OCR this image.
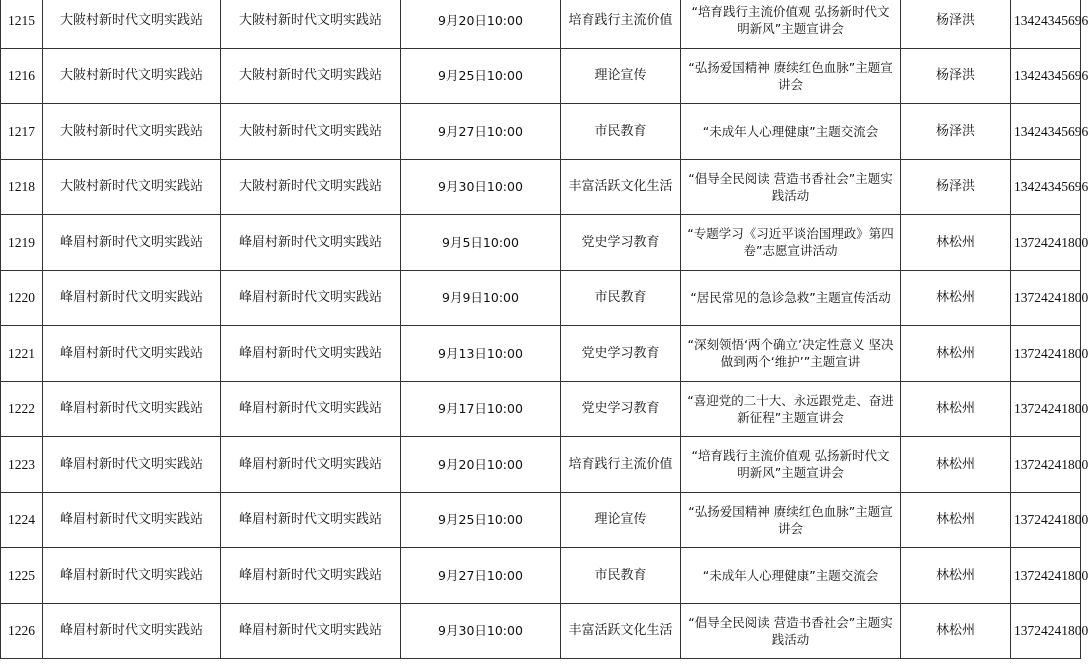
1215	大陂村新时代文明实践站	大陂村新时代文明实践站	9月20日10:00	培育践行主流价值	“培育践行主流价值观 弘扬新时代文明新风”主题宣讲会	杨泽洪	13424345696
1216	大陂村新时代文明实践站	大陂村新时代文明实践站	9月25日10:00	理论宣传	“弘扬爱国精神 赓续红色血脉”主题宣讲会	杨泽洪	13424345696
1217	大陂村新时代文明实践站	大陂村新时代文明实践站	9月27日10:00	市民教育	“未成年人心理健康”主题交流会	杨泽洪	13424345696
1218	大陂村新时代文明实践站	大陂村新时代文明实践站	9月30日10:00	丰富活跃文化生活	“倡导全民阅读 营造书香社会”主题实践活动	杨泽洪	13424345696
1219	峰眉村新时代文明实践站	峰眉村新时代文明实践站	9月5日10:00	党史学习教育	“专题学习《习近平谈治国理政》第四卷”志愿宣讲活动	林松州	13724241800
1220	峰眉村新时代文明实践站	峰眉村新时代文明实践站	9月9日10:00	市民教育	“居民常见的急诊急救”主题宣传活动	林松州	13724241800
1221	峰眉村新时代文明实践站	峰眉村新时代文明实践站	9月13日10:00	党史学习教育	“深刻领悟‘两个确立’决定性意义 坚决做到两个‘维护’”主题宣讲	林松州	13724241800
1222	峰眉村新时代文明实践站	峰眉村新时代文明实践站	9月17日10:00	党史学习教育	“喜迎党的二十大、永远跟党走、奋进新征程”主题宣讲会	林松州	13724241800
1223	峰眉村新时代文明实践站	峰眉村新时代文明实践站	9月20日10:00	培育践行主流价值	“培育践行主流价值观 弘扬新时代文明新风”主题宣讲会	林松州	13724241800
1224	峰眉村新时代文明实践站	峰眉村新时代文明实践站	9月25日10:00	理论宣传	“弘扬爱国精神 赓续红色血脉”主题宣讲会	林松州	13724241800
1225	峰眉村新时代文明实践站	峰眉村新时代文明实践站	9月27日10:00	市民教育	“未成年人心理健康”主题交流会	林松州	13724241800
1226	峰眉村新时代文明实践站	峰眉村新时代文明实践站	9月30日10:00	丰富活跃文化生活	“倡导全民阅读 营造书香社会”主题实践活动	林松州	13724241800
